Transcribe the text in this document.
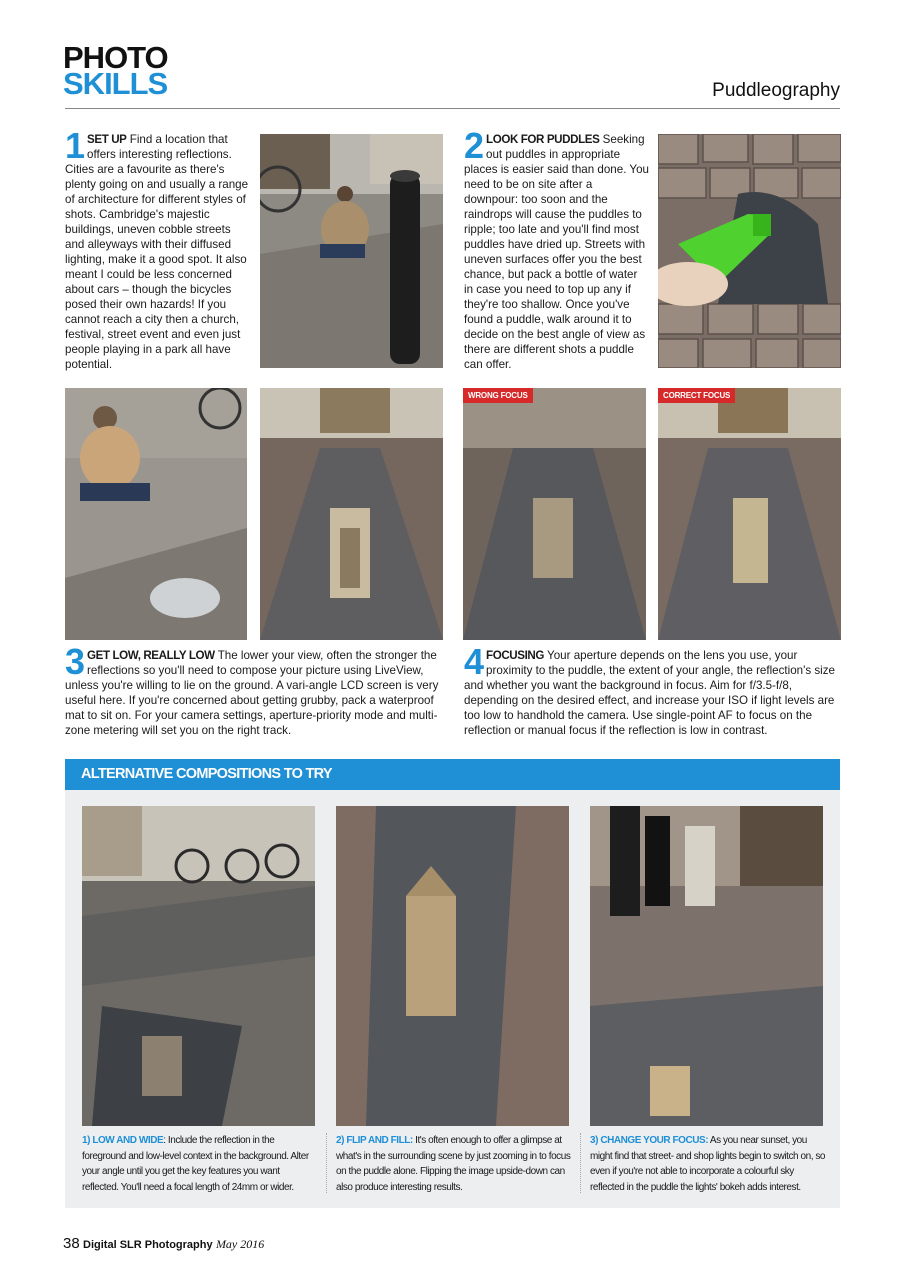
PHOTO
SKILLS	Puddleography
1 SET UP Find a location that offers interesting reflections. Cities are a favourite as there's plenty going on and usually a range of architecture for different styles of shots. Cambridge's majestic buildings, uneven cobble streets and alleyways with their diffused lighting, make it a good spot. It also meant I could be less concerned about cars – though the bicycles posed their own hazards! If you cannot reach a city then a church, festival, street event and even just people playing in a park all have potential.
2 LOOK FOR PUDDLES Seeking out puddles in appropriate places is easier said than done. You need to be on site after a downpour: too soon and the raindrops will cause the puddles to ripple; too late and you'll find most puddles have dried up. Streets with uneven surfaces offer you the best chance, but pack a bottle of water in case you need to top up any if they're too shallow. Once you've found a puddle, walk around it to decide on the best angle of view as there are different shots a puddle can offer.
WRONG FOCUS	CORRECT FOCUS
3 GET LOW, REALLY LOW The lower your view, often the stronger the reflections so you'll need to compose your picture using LiveView, unless you're willing to lie on the ground. A vari-angle LCD screen is very useful here. If you're concerned about getting grubby, pack a waterproof mat to sit on. For your camera settings, aperture-priority mode and multi-zone metering will set you on the right track.
4 FOCUSING Your aperture depends on the lens you use, your proximity to the puddle, the extent of your angle, the reflection's size and whether you want the background in focus. Aim for f/3.5-f/8, depending on the desired effect, and increase your ISO if light levels are too low to handhold the camera. Use single-point AF to focus on the reflection or manual focus if the reflection is low in contrast.
ALTERNATIVE COMPOSITIONS TO TRY
1) LOW AND WIDE: Include the reflection in the foreground and low-level context in the background. Alter your angle until you get the key features you want reflected. You'll need a focal length of 24mm or wider.
2) FLIP AND FILL: It's often enough to offer a glimpse at what's in the surrounding scene by just zooming in to focus on the puddle alone. Flipping the image upside-down can also produce interesting results.
3) CHANGE YOUR FOCUS: As you near sunset, you might find that street- and shop lights begin to switch on, so even if you're not able to incorporate a colourful sky reflected in the puddle the lights' bokeh adds interest.
38 Digital SLR Photography May 2016
